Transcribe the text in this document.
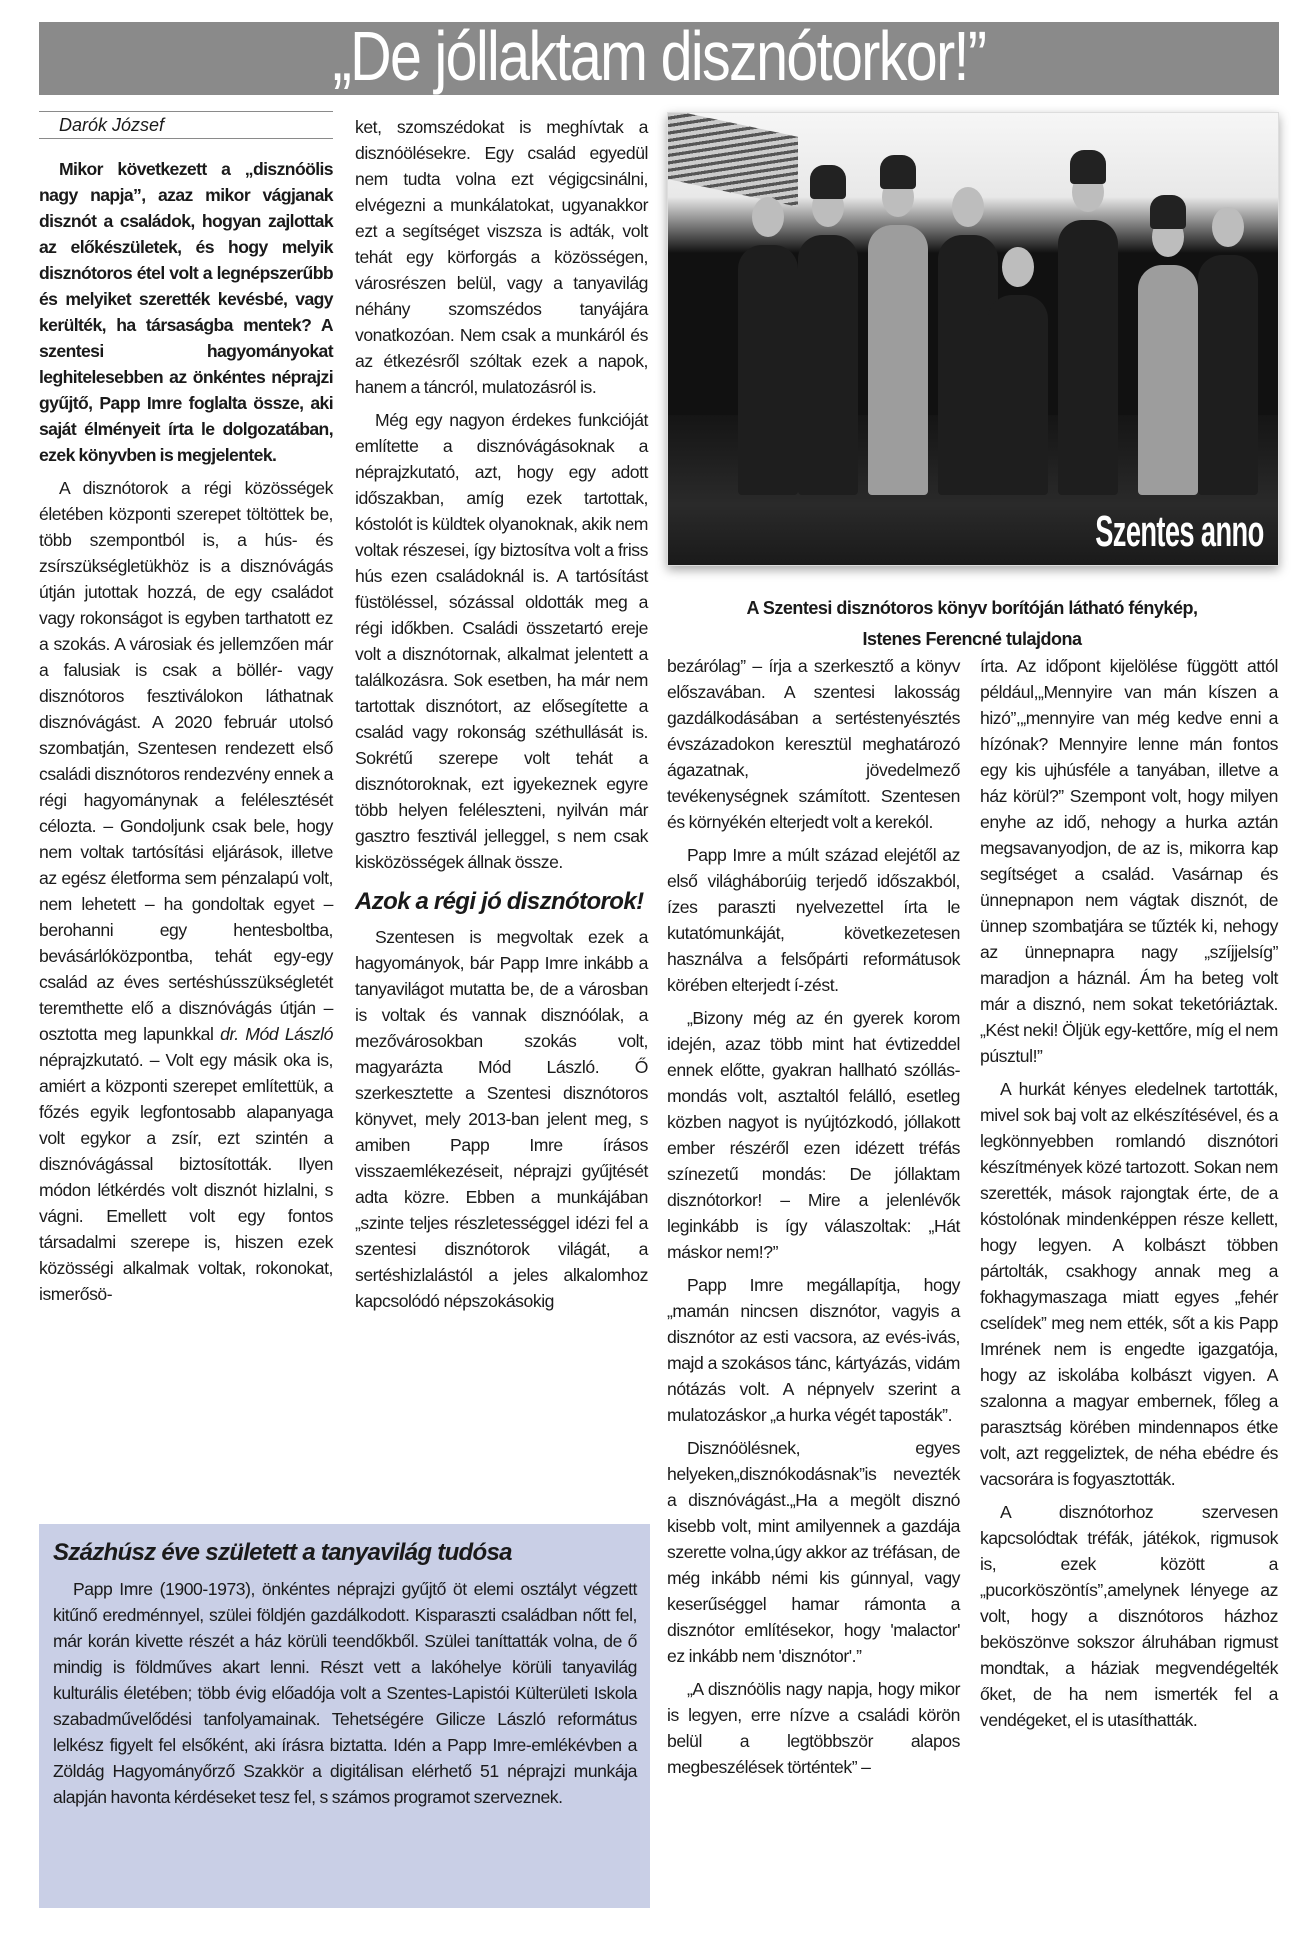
„De jóllaktam disznótorkor!”
Darók József

Mikor következett a „disznóölis nagy napja”, azaz mikor vágjanak disznót a családok, hogyan zajlottak az előkészületek, és hogy melyik disznótoros étel volt a legnépszerűbb és melyiket szerették kevésbé, vagy kerülték, ha társaságba mentek? A szentesi hagyományokat leghitelesebben az önkéntes néprajzi gyűjtő, Papp Imre foglalta össze, aki saját élményeit írta le dolgozatában, ezek könyvben is megjelentek.

A disznótorok a régi közösségek életében központi szerepet töltöttek be, több szempontból is, a hús- és zsírszükségletükhöz is a disznóvágás útján jutottak hozzá, de egy családot vagy rokonságot is egyben tarthatott ez a szokás. A városiak és jellemzően már a falusiak is csak a böllér- vagy disznótoros fesztiválokon láthatnak disznóvágást. A 2020 február utolsó szombatján, Szentesen rendezett első családi disznótoros rendezvény ennek a régi hagyománynak a felélesztését célozta. – Gondoljunk csak bele, hogy nem voltak tartósítási eljárások, illetve az egész életforma sem pénzalapú volt, nem lehetett – ha gondoltak egyet – berohanni egy hentesboltba, bevásárlóközpontba, tehát egy-egy család az éves sertéshússzükségletét teremthette elő a disznóvágás útján – osztotta meg lapunkkal dr. Mód László néprajzkutató. – Volt egy másik oka is, amiért a központi szerepet említettük, a főzés egyik legfontosabb alapanyaga volt egykor a zsír, ezt szintén a disznóvágással biztosították. Ilyen módon létkérdés volt disznót hizlalni, s vágni. Emellett volt egy fontos társadalmi szerepe is, hiszen ezek közösségi alkalmak voltak, rokonokat, ismerősö-

ket, szomszédokat is meghívtak a disznóölésekre. Egy család egyedül nem tudta volna ezt végigcsinálni, elvégezni a munkálatokat, ugyanakkor ezt a segítséget viszsza is adták, volt tehát egy körforgás a közösségen, városrészen belül, vagy a tanyavilág néhány szomszédos tanyájára vonatkozóan. Nem csak a munkáról és az étkezésről szóltak ezek a napok, hanem a táncról, mulatozásról is.

Még egy nagyon érdekes funkcióját említette a disznóvágásoknak a néprajzkutató, azt, hogy egy adott időszakban, amíg ezek tartottak, kóstolót is küldtek olyanoknak, akik nem voltak részesei, így biztosítva volt a friss hús ezen családoknál is. A tartósítást füstöléssel, sózással oldották meg a régi időkben. Családi összetartó ereje volt a disznótornak, alkalmat jelentett a találkozásra. Sok esetben, ha már nem tartottak disznótort, az elősegítette a család vagy rokonság széthullását is. Sokrétű szerepe volt tehát a disznótoroknak, ezt igyekeznek egyre több helyen feléleszteni, nyilván már gasztro fesztivál jelleggel, s nem csak kisközösségek állnak össze.

Azok a régi jó disznótorok!

Szentesen is megvoltak ezek a hagyományok, bár Papp Imre inkább a tanyavilágot mutatta be, de a városban is voltak és vannak disznóólak, a mezővárosokban szokás volt, magyarázta Mód László. Ő szerkesztette a Szentesi disznótoros könyvet, mely 2013-ban jelent meg, s amiben Papp Imre írásos visszaemlékezéseit, néprajzi gyűjtését adta közre. Ebben a munkájában „szinte teljes részletességgel idézi fel a szentesi disznótorok világát, a sertéshizlalástól a jeles alkalomhoz kapcsolódó népszokásokig

Szentes anno
A Szentesi disznótoros könyv borítóján látható fénykép,
Istenes Ferencné tulajdona

bezárólag” – írja a szerkesztő a könyv előszavában. A szentesi lakosság gazdálkodásában a sertéstenyésztés évszázadokon keresztül meghatározó ágazatnak, jövedelmező tevékenységnek számított. Szentesen és környékén elterjedt volt a kerekól.

Papp Imre a múlt század elejétől az első világháborúig terjedő időszakból, ízes paraszti nyelvezettel írta le kutatómunkáját, következetesen használva a felsőpárti reformátusok körében elterjedt í-zést.

„Bizony még az én gyerek korom idején, azaz több mint hat évtizeddel ennek előtte, gyakran hallható szóllás-mondás volt, asztaltól felálló, esetleg közben nagyot is nyújtózkodó, jóllakott ember részéről ezen idézett tréfás színezetű mondás: De jóllaktam disznótorkor! – Mire a jelenlévők leginkább is így válaszoltak: „Hát máskor nem!?”

Papp Imre megállapítja, hogy „mamán nincsen disznótor, vagyis a disznótor az esti vacsora, az evés-ivás, majd a szokásos tánc, kártyázás, vidám nótázás volt. A népnyelv szerint a mulatozáskor „a hurka végét taposták”.

Disznóölésnek, egyes helyeken„disznókodásnak”is nevezték a disznóvágást.„Ha a megölt disznó kisebb volt, mint amilyennek a gazdája szerette volna,úgy akkor az tréfásan, de még inkább némi kis gúnnyal, vagy keserűséggel hamar rámonta a disznótor említésekor, hogy 'malactor' ez inkább nem 'disznótor'.”

„A disznóölis nagy napja, hogy mikor is legyen, erre nízve a családi körön belül a legtöbbször alapos megbeszélések történtek” –

írta. Az időpont kijelölése függött attól például,„Mennyire van mán kíszen a hizó”,„mennyire van még kedve enni a hízónak? Mennyire lenne mán fontos egy kis ujhúsféle a tanyában, illetve a ház körül?” Szempont volt, hogy milyen enyhe az idő, nehogy a hurka aztán megsavanyodjon, de az is, mikorra kap segítséget a család. Vasárnap és ünnepnapon nem vágtak disznót, de ünnep szombatjára se tűzték ki, nehogy az ünnepnapra nagy „szíjjelsíg” maradjon a háznál. Ám ha beteg volt már a disznó, nem sokat teketóriáztak. „Kést neki! Öljük egy-kettőre, míg el nem púsztul!”

A hurkát kényes eledelnek tartották, mivel sok baj volt az elkészítésével, és a legkönnyebben romlandó disznótori készítmények közé tartozott. Sokan nem szerették, mások rajongtak érte, de a kóstolónak mindenképpen része kellett, hogy legyen. A kolbászt többen pártolták, csakhogy annak meg a fokhagymaszaga miatt egyes „fehér cselídek” meg nem ették, sőt a kis Papp Imrének nem is engedte igazgatója, hogy az iskolába kolbászt vigyen. A szalonna a magyar embernek, főleg a parasztság körében mindennapos étke volt, azt reggeliztek, de néha ebédre és vacsorára is fogyasztották.

A disznótorhoz szervesen kapcsolódtak tréfák, játékok, rigmusok is, ezek között a „pucorköszöntís”,amelynek lényege az volt, hogy a disznótoros házhoz beköszönve sokszor álruhában rigmust mondtak, a háziak megvendégelték őket, de ha nem ismerték fel a vendégeket, el is utasíthatták.

Százhúsz éve született a tanyavilág tudósa

Papp Imre (1900-1973), önkéntes néprajzi gyűjtő öt elemi osztályt végzett kitűnő eredménnyel, szülei földjén gazdálkodott. Kisparaszti családban nőtt fel, már korán kivette részét a ház körüli teendőkből. Szülei taníttatták volna, de ő mindig is földműves akart lenni. Részt vett a lakóhelye körüli tanyavilág kulturális életében; több évig előadója volt a Szentes-Lapistói Külterületi Iskola szabadművelődési tanfolyamainak. Tehetségére Gilicze László református lelkész figyelt fel elsőként, aki írásra biztatta. Idén a Papp Imre-emlékévben a Zöldág Hagyományőrző Szakkör a digitálisan elérhető 51 néprajzi munkája alapján havonta kérdéseket tesz fel, s számos programot szerveznek.
